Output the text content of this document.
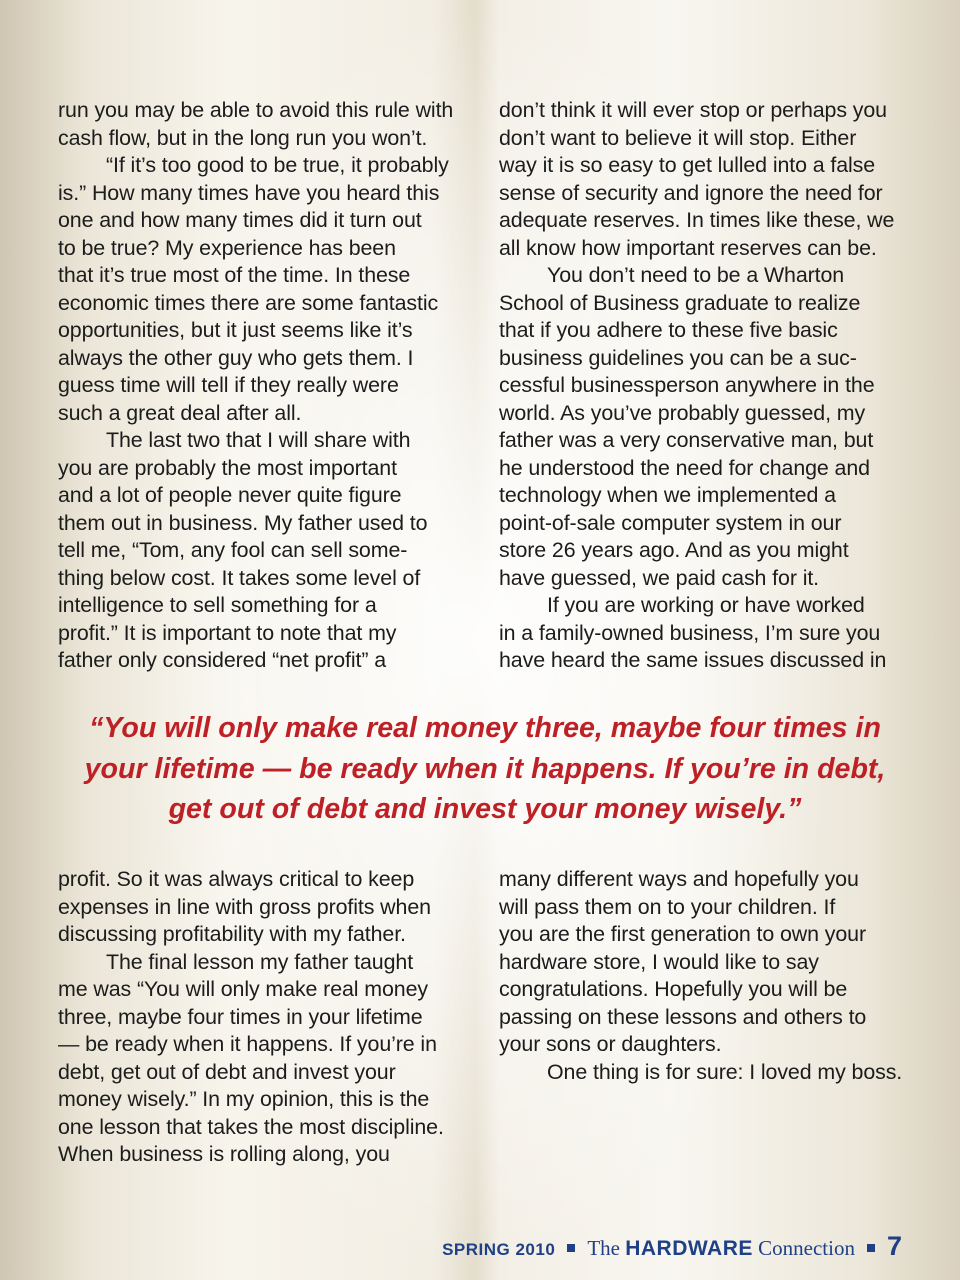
run you may be able to avoid this rule with

cash flow, but in the long run you won’t.

“If it’s too good to be true, it probably

is.” How many times have you heard this

one and how many times did it turn out

to be true? My experience has been

that it’s true most of the time. In these

economic times there are some fantastic

opportunities, but it just seems like it’s

always the other guy who gets them. I

guess time will tell if they really were

such a great deal after all.

The last two that I will share with

you are probably the most important

and a lot of people never quite figure

them out in business. My father used to

tell me, “Tom, any fool can sell some-

thing below cost. It takes some level of

intelligence to sell something for a

profit.” It is important to note that my

father only considered “net profit” a

don’t think it will ever stop or perhaps you

don’t want to believe it will stop. Either

way it is so easy to get lulled into a false

sense of security and ignore the need for

adequate reserves. In times like these, we

all know how important reserves can be.

You don’t need to be a Wharton

School of Business graduate to realize

that if you adhere to these five basic

business guidelines you can be a suc-

cessful businessperson anywhere in the

world. As you’ve probably guessed, my

father was a very conservative man, but

he understood the need for change and

technology when we implemented a

point-of-sale computer system in our

store 26 years ago. And as you might

have guessed, we paid cash for it.

If you are working or have worked

in a family-owned business, I’m sure you

have heard the same issues discussed in

“You will only make real money three, maybe four times in
your lifetime — be ready when it happens. If you’re in debt,
get out of debt and invest your money wisely.”

profit. So it was always critical to keep

expenses in line with gross profits when

discussing profitability with my father.

The final lesson my father taught

me was “You will only make real money

three, maybe four times in your lifetime

— be ready when it happens. If you’re in

debt, get out of debt and invest your

money wisely.” In my opinion, this is the

one lesson that takes the most discipline.

When business is rolling along, you

many different ways and hopefully you

will pass them on to your children. If

you are the first generation to own your

hardware store, I would like to say

congratulations. Hopefully you will be

passing on these lessons and others to

your sons or daughters.

One thing is for sure: I loved my boss.

SPRING 2010 The HARDWARE Connection 7
